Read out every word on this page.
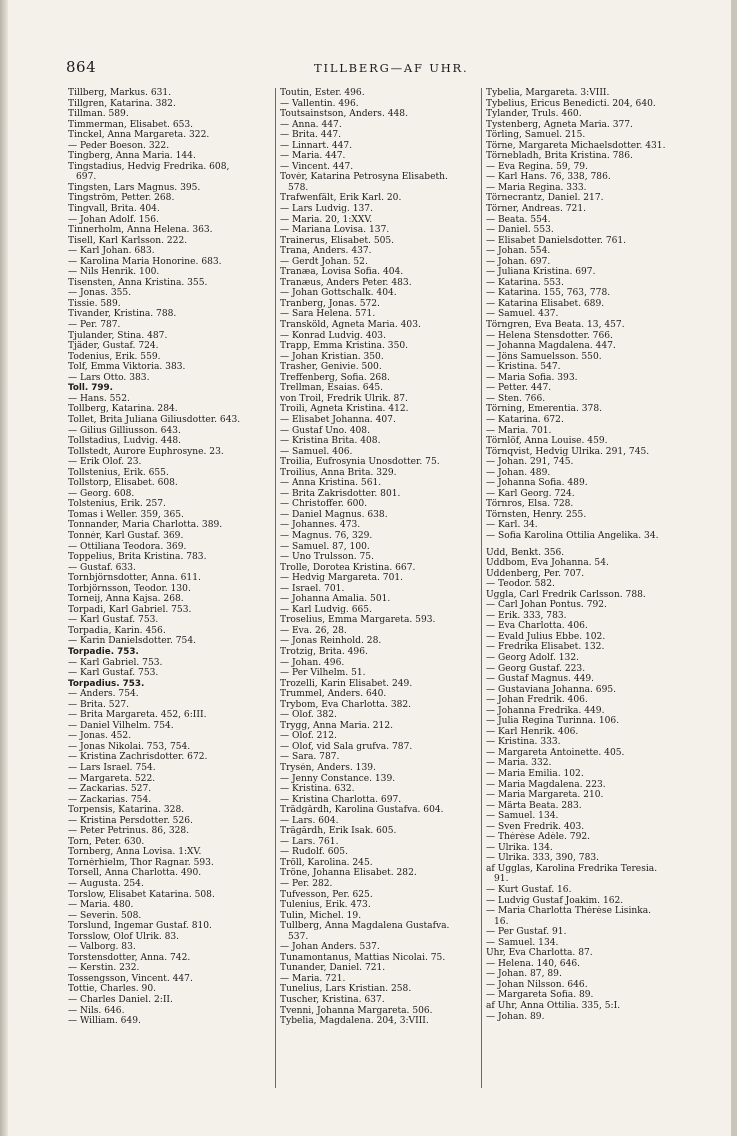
864	TILLBERG—AF UHR.
Tillberg, Markus. 631.
Tillgren, Katarina. 382.
Tillman. 589.
Timmerman, Elisabet. 653.
Tinckel, Anna Margareta. 322.
— Peder Boeson. 322.
Tingberg, Anna Maria. 144.
Tingstadius, Hedvig Fredrika. 608,
697.
Tingsten, Lars Magnus. 395.
Tingström, Petter. 268.
Tingvall, Brita. 404.
— Johan Adolf. 156.
Tinnerholm, Anna Helena. 363.
Tisell, Karl Karlsson. 222.
— Karl Johan. 683.
— Karolina Maria Honorine. 683.
— Nils Henrik. 100.
Tisensten, Anna Kristina. 355.
— Jonas. 355.
Tissie. 589.
Tivander, Kristina. 788.
— Per. 787.
Tjulander, Stina. 487.
Tjäder, Gustaf. 724.
Todenius, Erik. 559.
Tolf, Emma Viktoria. 383.
— Lars Otto. 383.
Toll. 799.
— Hans. 552.
Tollberg, Katarina. 284.
Tollet, Brita Juliana Giliusdotter. 643.
— Gilius Gilliusson. 643.
Tollstadius, Ludvig. 448.
Tollstedt, Aurore Euphrosyne. 23.
— Erik Olof. 23.
Tollstenius, Erik. 655.
Tollstorp, Elisabet. 608.
— Georg. 608.
Tolstenius, Erik. 257.
Tomas i Weller. 359, 365.
Tonnander, Maria Charlotta. 389.
Tonnér, Karl Gustaf. 369.
— Ottiliana Teodora. 369.
Toppelius, Brita Kristina. 783.
— Gustaf. 633.
Tornbjörnsdotter, Anna. 611.
Torbjörnsson, Teodor. 130.
Torneij, Anna Kajsa. 268.
Torpadi, Karl Gabriel. 753.
— Karl Gustaf. 753.
Torpadia, Karin. 456.
— Karin Danielsdotter. 754.
Torpadie. 753.
— Karl Gabriel. 753.
— Karl Gustaf. 753.
Torpadius. 753.
— Anders. 754.
— Brita. 527.
— Brita Margareta. 452, 6:III.
— Daniel Vilhelm. 754.
— Jonas. 452.
— Jonas Nikolai. 753, 754.
— Kristina Zachrisdotter. 672.
— Lars Israel. 754.
— Margareta. 522.
— Zackarias. 527.
— Zackarias. 754.
Torpensis, Katarina. 328.
— Kristina Persdotter. 526.
— Peter Petrinus. 86, 328.
Torn, Peter. 630.
Tornberg, Anna Lovisa. 1:XV.
Tornérhielm, Thor Ragnar. 593.
Torsell, Anna Charlotta. 490.
— Augusta. 254.
Torslow, Elisabet Katarina. 508.
— Maria. 480.
— Severin. 508.
Torslund, Ingemar Gustaf. 810.
Torsslow, Olof Ulrik. 83.
— Valborg. 83.
Torstensdotter, Anna. 742.
— Kerstin. 232.
Tossengsson, Vincent. 447.
Tottie, Charles. 90.
— Charles Daniel. 2:II.
— Nils. 646.
— William. 649.
Toutin, Ester. 496.
— Vallentin. 496.
Toutsainstson, Anders. 448.
— Anna. 447.
— Brita. 447.
— Linnart. 447.
— Maria. 447.
— Vincent. 447.
Tovér, Katarina Petrosyna Elisabeth.
578.
Trafwenfält, Erik Karl. 20.
— Lars Ludvig. 137.
— Maria. 20, 1:XXV.
— Mariana Lovisa. 137.
Trainerus, Elisabet. 505.
Trana, Anders. 437.
— Gerdt Johan. 52.
Tranæa, Lovisa Sofia. 404.
Tranæus, Anders Peter. 483.
— Johan Gottschalk. 404.
Tranberg, Jonas. 572.
— Sara Helena. 571.
Transköld, Agneta Maria. 403.
— Konrad Ludvig. 403.
Trapp, Emma Kristina. 350.
— Johan Kristian. 350.
Trasher, Genivie. 500.
Treffenberg, Sofia. 268.
Trellman, Esaias. 645.
von Troil, Fredrik Ulrik. 87.
Troili, Agneta Kristina. 412.
— Elisabet Johanna. 407.
— Gustaf Uno. 408.
— Kristina Brita. 408.
— Samuel. 406.
Troilia, Eufrosynia Unosdotter. 75.
Troilius, Anna Brita. 329.
— Anna Kristina. 561.
— Brita Zakrisdotter. 801.
— Christoffer. 600.
— Daniel Magnus. 638.
— Johannes. 473.
— Magnus. 76, 329.
— Samuel. 87, 100.
— Uno Trulsson. 75.
Trolle, Dorotea Kristina. 667.
— Hedvig Margareta. 701.
— Israel. 701.
— Johanna Amalia. 501.
— Karl Ludvig. 665.
Troselius, Emma Margareta. 593.
— Eva. 26, 28.
— Jonas Reinhold. 28.
Trotzig, Brita. 496.
— Johan. 496.
— Per Vilhelm. 51.
Trozelli, Karin Elisabet. 249.
Trummel, Anders. 640.
Trybom, Eva Charlotta. 382.
— Olof. 382.
Trygg, Anna Maria. 212.
— Olof. 212.
— Olof, vid Sala grufva. 787.
— Sara. 787.
Trysén, Anders. 139.
— Jenny Constance. 139.
— Kristina. 632.
— Kristina Charlotta. 697.
Trädgårdh, Karolina Gustafva. 604.
— Lars. 604.
Trägårdh, Erik Isak. 605.
— Lars. 761.
— Rudolf. 605.
Tröll, Karolina. 245.
Tröne, Johanna Elisabet. 282.
— Per. 282.
Tufvesson, Per. 625.
Tulenius, Erik. 473.
Tulin, Michel. 19.
Tullberg, Anna Magdalena Gustafva.
537.
— Johan Anders. 537.
Tunamontanus, Mattias Nicolai. 75.
Tunander, Daniel. 721.
— Maria. 721.
Tunelius, Lars Kristian. 258.
Tuscher, Kristina. 637.
Tvenni, Johanna Margareta. 506.
Tybelia, Magdalena. 204, 3:VIII.
Tybelia, Margareta. 3:VIII.
Tybelius, Ericus Benedicti. 204, 640.
Tylander, Truls. 460.
Tystenberg, Agneta Maria. 377.
Törling, Samuel. 215.
Törne, Margareta Michaelsdotter. 431.
Törnebladh, Brita Kristina. 786.
— Eva Regina. 59, 79.
— Karl Hans. 76, 338, 786.
— Maria Regina. 333.
Törnecrantz, Daniel. 217.
Törner, Andreas. 721.
— Beata. 554.
— Daniel. 553.
— Elisabet Danielsdotter. 761.
— Johan. 554.
— Johan. 697.
— Juliana Kristina. 697.
— Katarina. 553.
— Katarina. 155, 763, 778.
— Katarina Elisabet. 689.
— Samuel. 437.
Törngren, Eva Beata. 13, 457.
— Helena Stensdotter. 766.
— Johanna Magdalena. 447.
— Jöns Samuelsson. 550.
— Kristina. 547.
— Maria Sofia. 393.
— Petter. 447.
— Sten. 766.
Törning, Emerentia. 378.
— Katarina. 672.
— Maria. 701.
Törnlöf, Anna Louise. 459.
Törnqvist, Hedvig Ulrika. 291, 745.
— Johan. 291, 745.
— Johan. 489.
— Johanna Sofia. 489.
— Karl Georg. 724.
Törnros, Elsa. 728.
Törnsten, Henry. 255.
— Karl. 34.
— Sofia Karolina Ottilia Angelika. 34.
Udd, Benkt. 356.
Uddbom, Eva Johanna. 54.
Uddenberg, Per. 707.
— Teodor. 582.
Uggla, Carl Fredrik Carlsson. 788.
— Carl Johan Pontus. 792.
— Erik. 333, 783.
— Eva Charlotta. 406.
— Evald Julius Ebbe. 102.
— Fredrika Elisabet. 132.
— Georg Adolf. 132.
— Georg Gustaf. 223.
— Gustaf Magnus. 449.
— Gustaviana Johanna. 695.
— Johan Fredrik. 406.
— Johanna Fredrika. 449.
— Julia Regina Turinna. 106.
— Karl Henrik. 406.
— Kristina. 333.
— Margareta Antoinette. 405.
— Maria. 332.
— Maria Emilia. 102.
— Maria Magdalena. 223.
— Maria Margareta. 210.
— Märta Beata. 283.
— Samuel. 134.
— Sven Fredrik. 403.
— Thérèse Adèle. 792.
— Ulrika. 134.
— Ulrika. 333, 390, 783.
af Ugglas, Karolina Fredrika Teresia.
91.
— Kurt Gustaf. 16.
— Ludvig Gustaf Joakim. 162.
— Maria Charlotta Thérèse Lisinka.
16.
— Per Gustaf. 91.
— Samuel. 134.
Uhr, Eva Charlotta. 87.
— Helena. 140, 646.
— Johan. 87, 89.
— Johan Nilsson. 646.
— Margareta Sofia. 89.
af Uhr, Anna Ottilia. 335, 5:I.
— Johan. 89.
